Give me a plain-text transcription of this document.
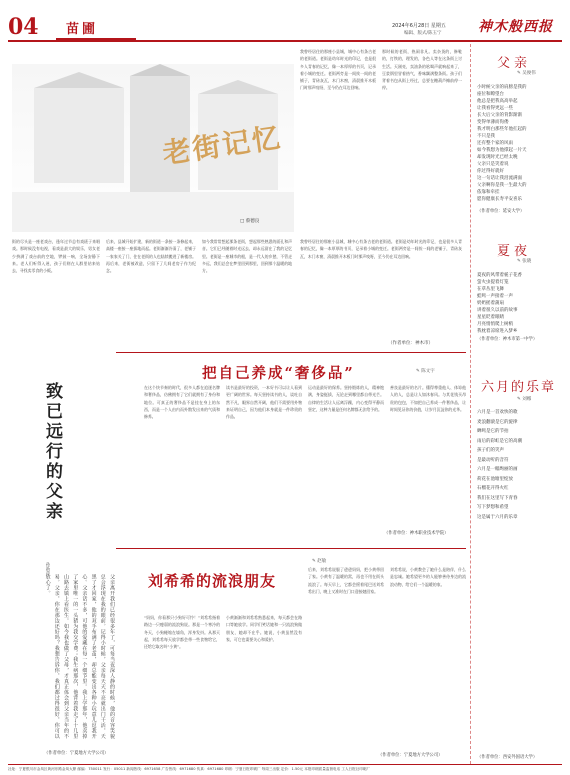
04 苗圃	2024年6月28日 星期五
编辑、版式/陈玉宁	神木般西报
我曾经居住的那座小县城，城中心有条古老的老街道。老街是幼年时光的印记，也是很多人青春的记忆，像一本厚厚的书页，记录着小城的变迁。老街两旁是一间挨一间的老铺子，青砖灰瓦，木门木窗，清晨推开木板门时那声吱呀，至今仍在耳边回响。
那时候的老街，热闹非凡。卖杂货的，修鞋的，打铁的，理发的，各色人等在这条街上讨生活。天刚亮，卖油条的吆喝声就响起来了，豆浆锅里冒着热气，香味飘满整条街。孩子们背着书包从街上经过，总要在糖葫芦摊前停一停。
老街记忆
□ 蔡德良
街的尽头是一座老戏台，逢年过节总有戏班子来唱戏。那时候没有电视，看戏是最大的娱乐，男女老少挤满了戏台前的空地，锣鼓一响，全场安静下来。老人们听得入迷，孩子们则在人群里钻来钻去，寻找卖零食的小贩。
后来，县城开始扩建，新的街道一条接一条修起来，高楼一座接一座拔地而起。老街渐渐冷清了，老铺子一家家关了门，住在老街的人也陆续搬进了新楼房。再后来，老街被改造，只留下了几间老房子作为纪念。
如今我常常想起那条老街，想起那些熟悉的面孔和声音。它们已经随着时光远去，却永远留在了我的记忆里。老街是一座城市的根，是一代人的乡愁，不管走多远，我们总会在梦里回到那里，回到那个温暖的地方。
我曾经居住的那座小县城，城中心有条古老的老街道。老街是幼年时光的印记，也是很多人青春的记忆，像一本厚厚的书页，记录着小城的变迁。老街两旁是一间挨一间的老铺子，青砖灰瓦，木门木窗，清晨推开木板门时那声吱呀，至今仍在耳边回响。
（作者单位：神木市）
父亲
✎ 吴俊伟
小时候父亲的肩膀是我的
座位和瞭望台
他总是把我高高举起
让我看得更远一些
长大后父亲的背影渐渐
变得单薄而佝偻
我才明白那些年他扛起的
不只是我
还有整个家的风雨
如今我想为他撑起一片天
却发现时光已经太晚
父亲只是笑着说
你过得好就好
这一句话让我泪流满面
父亲啊你是我一生最大的
依靠和牵挂
愿你健康长寿平安喜乐
（作者单位：延安大学）
夏夜
✎ 张晓
夏夜的风带着栀子花香
萤火虫提着灯笼
在草丛里飞舞
蛙鸣一声接着一声
奶奶摇着蒲扇
讲着很久以前的故事
星星眨着眼睛
月亮悄悄爬上树梢
我枕着凉席进入梦乡
（作者单位：神木市第一中学）
六月的乐章
✎ 刘娜
六月是一首欢快的歌
麦浪翻滚是它的旋律
蝉鸣是它的节拍
雨后的彩虹是它的高潮
孩子们的笑声
是最动听的音符
六月是一幅绚丽的画
荷花在池塘里绽放
石榴花开得火红
我们在这里写下青春
写下梦想和希望
这是属于六月的乐章
（作者单位：西安外国语大学）
把自己养成“奢侈品”	✎ 陈文宇
在这个快节奏的时代，很多人都在追逐名牌和奢侈品，仿佛拥有了它们就拥有了身份和地位。可真正的奢侈品不是挂在身上的东西，而是一个人由内而外散发出来的气质和修养。
读书是最好的投资，一本好书可以让人看到更广阔的世界。每天坚持读书的人，谈吐自然不凡，眼界自然开阔，他们不需要用外物来证明自己，因为他们本身就是一件珍贵的作品。
运动是最好的保养。坚持锻炼的人，精神饱满，身姿挺拔，无论走到哪里都自带光芒。自律的生活让人远离浮躁，内心变得平静而坚定，这种力量是任何名牌都无法给予的。
善良是最好的名片。懂得尊重他人、体谅他人的人，总是让人如沐春风。与其花钱买昂贵的包包，不如把自己养成一件奢侈品，让时间见证你的价值，让岁月沉淀你的光华。
（作者单位：神木职业技术学院）
致已远行的父亲
孙新萍
父亲离开我们已经很多年了，可每当夜深人静的时候，他的音容笑貌总会浮现在我的眼前。记得小时候，父亲每天天不亮就出门干活，天黑了才回家，他的双手布满了老茧，却总能变出各种小玩意儿逗我开心。父亲话不多，可他的爱藏在每一个细节里。我上学那年，他卖掉了家里唯一的一头猪为我交学费；我生病那次，他背着我走了十几里山路去镇上看医生。如今我也做了父母，才真正体会到父亲当年的不易。父亲，你在那边还好吗？我想告诉你，我们都过得很好，你可以放心了。
（作者单位：宁夏地方大学公司）
刘希希的流浪朋友
✎ 赵敏
“妈妈，你看那只小狗好可怜！”刘希希指着路边一只瘦弱的流浪狗说。那是一个寒冷的冬天，小狗蜷缩在墙角，浑身发抖。从那天起，刘希希每天放学都会带一些食物给它，还给它取名叫“小黄”。
小黄渐渐和刘希希熟悉起来，每天都会在路口等她放学。同学们笑话她和一只流浪狗做朋友，她却不在乎。她说，小黄虽然没有家，可它也需要关心和爱护。
后来，刘希希说服了爸爸妈妈，把小黄带回了家。小黄有了温暖的窝，再也不用在街头流浪了。每天早上，它都会摇着尾巴送刘希希出门，晚上又准时在门口迎接她回家。
刘希希说，小黄教会了她什么是陪伴，什么是忠诚。她希望更多的人能够善待身边的流浪动物，给它们一个温暖的家。
（作者单位：宁夏地方大学公司）
社址：宁夏银川市金凤区黄河东路金凤大厦 邮编：750011 发行：05011 新闻热线：6971658 广告热线：6971680 传真：6971680 印刷：宁夏日报印刷厂 每周三出版 定价：1.50元 本报印刷质量监督电话 工人日报社印刷厂
